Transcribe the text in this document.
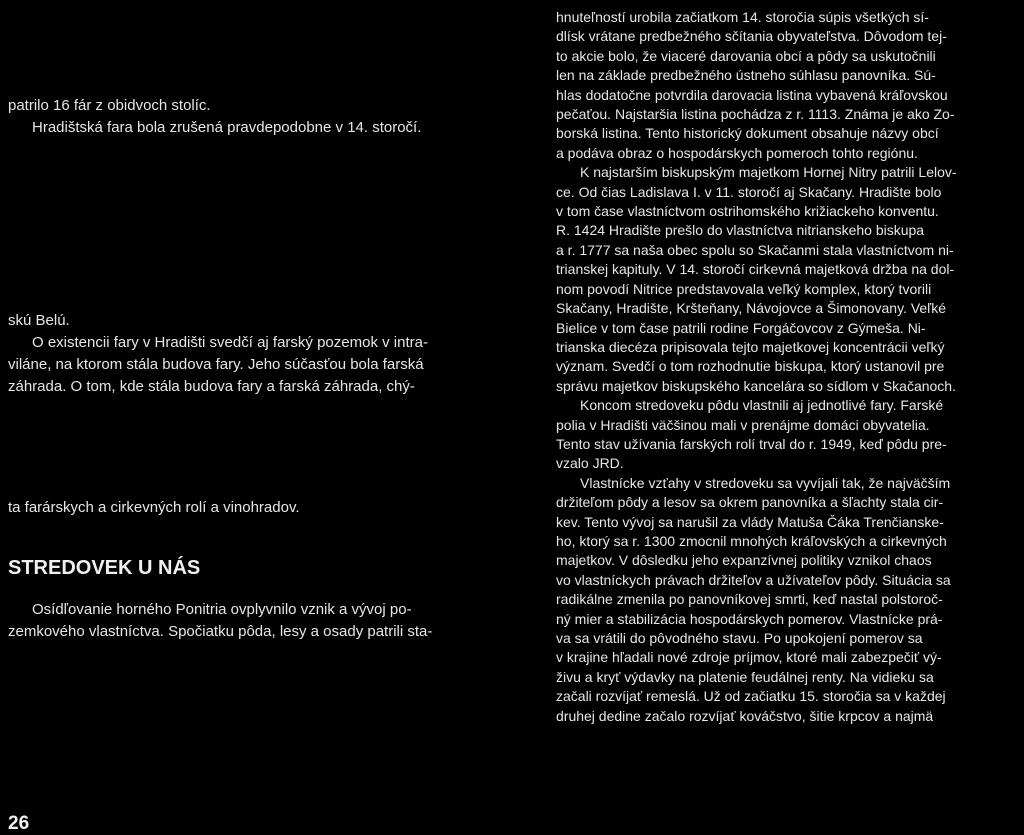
patrilo 16 fár z obidvoch stolíc.
Hradištská fara bola zrušená pravdepodobne v 14. storočí.

skú Belú.
O existencii fary v Hradišti svedčí aj farský pozemok v intra-
viláne, na ktorom stála budova fary. Jeho súčasťou bola farská
záhrada. O tom, kde stála budova fary a farská záhrada, chý-

ta farárskych a cirkevných rolí a vinohradov.

STREDOVEK U NÁS

Osídľovanie horného Ponitria ovplyvnilo vznik a vývoj po-
zemkového vlastníctva. Spočiatku pôda, lesy a osady patrili sta-

26
hnuteľností urobila začiatkom 14. storočia súpis všetkých sí-
dlísk vrátane predbežného sčítania obyvateľstva. Dôvodom tej-
to akcie bolo, že viaceré darovania obcí a pôdy sa uskutočnili
len na základe predbežného ústneho súhlasu panovníka. Sú-
hlas dodatočne potvrdila darovacia listina vybavená kráľovskou
pečaťou. Najstaršia listina pochádza z r. 1113. Známa je ako Zo-
borská listina. Tento historický dokument obsahuje názvy obcí
a podáva obraz o hospodárskych pomeroch tohto regiónu.
K najstarším biskupským majetkom Hornej Nitry patrili Lelov-
ce. Od čias Ladislava I. v 11. storočí aj Skačany. Hradište bolo
v tom čase vlastníctvom ostrihomského križiackeho konventu.
R. 1424 Hradište prešlo do vlastníctva nitrianskeho biskupa
a r. 1777 sa naša obec spolu so Skačanmi stala vlastníctvom ni-
trianskej kapituly. V 14. storočí cirkevná majetková držba na dol-
nom povodí Nitrice predstavovala veľký komplex, ktorý tvorili
Skačany, Hradište, Kršteňany, Návojovce a Šimonovany. Veľké
Bielice v tom čase patrili rodine Forgáčovcov z Gýmeša. Ni-
trianska diecéza pripisovala tejto majetkovej koncentrácii veľký
význam. Svedčí o tom rozhodnutie biskupa, ktorý ustanovil pre
správu majetkov biskupského kancelára so sídlom v Skačanoch.
Koncom stredoveku pôdu vlastnili aj jednotlivé fary. Farské
polia v Hradišti väčšinou mali v prenájme domáci obyvatelia.
Tento stav užívania farských rolí trval do r. 1949, keď pôdu pre-
vzalo JRD.
Vlastnícke vzťahy v stredoveku sa vyvíjali tak, že najväčším
držiteľom pôdy a lesov sa okrem panovníka a šľachty stala cir-
kev. Tento vývoj sa narušil za vlády Matuša Čáka Trenčianske-
ho, ktorý sa r. 1300 zmocnil mnohých kráľovských a cirkevných
majetkov. V dôsledku jeho expanzívnej politiky vznikol chaos
vo vlastníckych právach držiteľov a užívateľov pôdy. Situácia sa
radikálne zmenila po panovníkovej smrti, keď nastal polstoroč-
ný mier a stabilizácia hospodárskych pomerov. Vlastnícke prá-
va sa vrátili do pôvodného stavu. Po upokojení pomerov sa
v krajine hľadali nové zdroje príjmov, ktoré mali zabezpečiť vý-
živu a kryť výdavky na platenie feudálnej renty. Na vidieku sa
začali rozvíjať remeslá. Už od začiatku 15. storočia sa v každej
druhej dedine začalo rozvíjať kováčstvo, šitie krpcov a najmä
